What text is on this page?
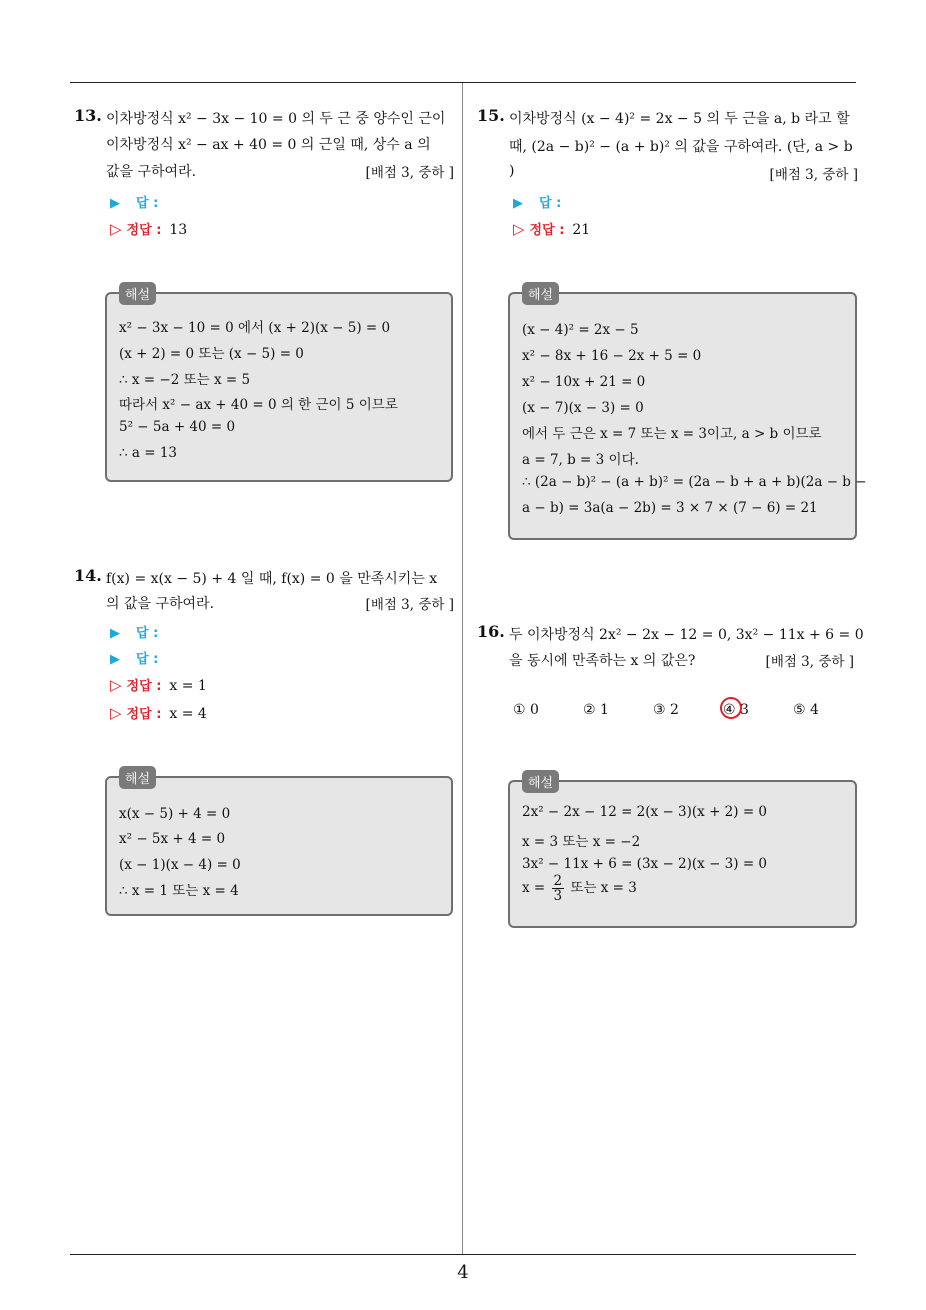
13. 이차방정식 x² − 3x − 10 = 0 의 두 근 중 양수인 근이
이차방정식 x² − ax + 40 = 0 의 근일 때, 상수 a 의
값을 구하여라.	[배점 3, 중하 ]
▶ 답 :
▷ 정답 : 13
해설
x² − 3x − 10 = 0 에서 (x + 2)(x − 5) = 0
(x + 2) = 0 또는 (x − 5) = 0
∴ x = −2 또는 x = 5
따라서 x² − ax + 40 = 0 의 한 근이 5 이므로
5² − 5a + 40 = 0
∴ a = 13
14. f(x) = x(x − 5) + 4 일 때, f(x) = 0 을 만족시키는 x
의 값을 구하여라.	[배점 3, 중하 ]
▶ 답 :
▶ 답 :
▷ 정답 : x = 1
▷ 정답 : x = 4
해설
x(x − 5) + 4 = 0
x² − 5x + 4 = 0
(x − 1)(x − 4) = 0
∴ x = 1 또는 x = 4
15. 이차방정식 (x − 4)² = 2x − 5 의 두 근을 a, b 라고 할
때, (2a − b)² − (a + b)² 의 값을 구하여라. (단, a > b
)	[배점 3, 중하 ]
▶ 답 :
▷ 정답 : 21
해설
(x − 4)² = 2x − 5
x² − 8x + 16 − 2x + 5 = 0
x² − 10x + 21 = 0
(x − 7)(x − 3) = 0
에서 두 근은 x = 7 또는 x = 3이고, a > b 이므로
a = 7, b = 3 이다.
∴ (2a − b)² − (a + b)² = (2a − b + a + b)(2a − b −
a − b) = 3a(a − 2b) = 3 × 7 × (7 − 6) = 21
16. 두 이차방정식 2x² − 2x − 12 = 0, 3x² − 11x + 6 = 0
을 동시에 만족하는 x 의 값은?	[배점 3, 중하 ]
① 0	② 1	③ 2	④ 3	⑤ 4
해설
2x² − 2x − 12 = 2(x − 3)(x + 2) = 0
x = 3 또는 x = −2
3x² − 11x + 6 = (3x − 2)(x − 3) = 0
$x = \frac{2}{3}$ 또는 x = 3
4
